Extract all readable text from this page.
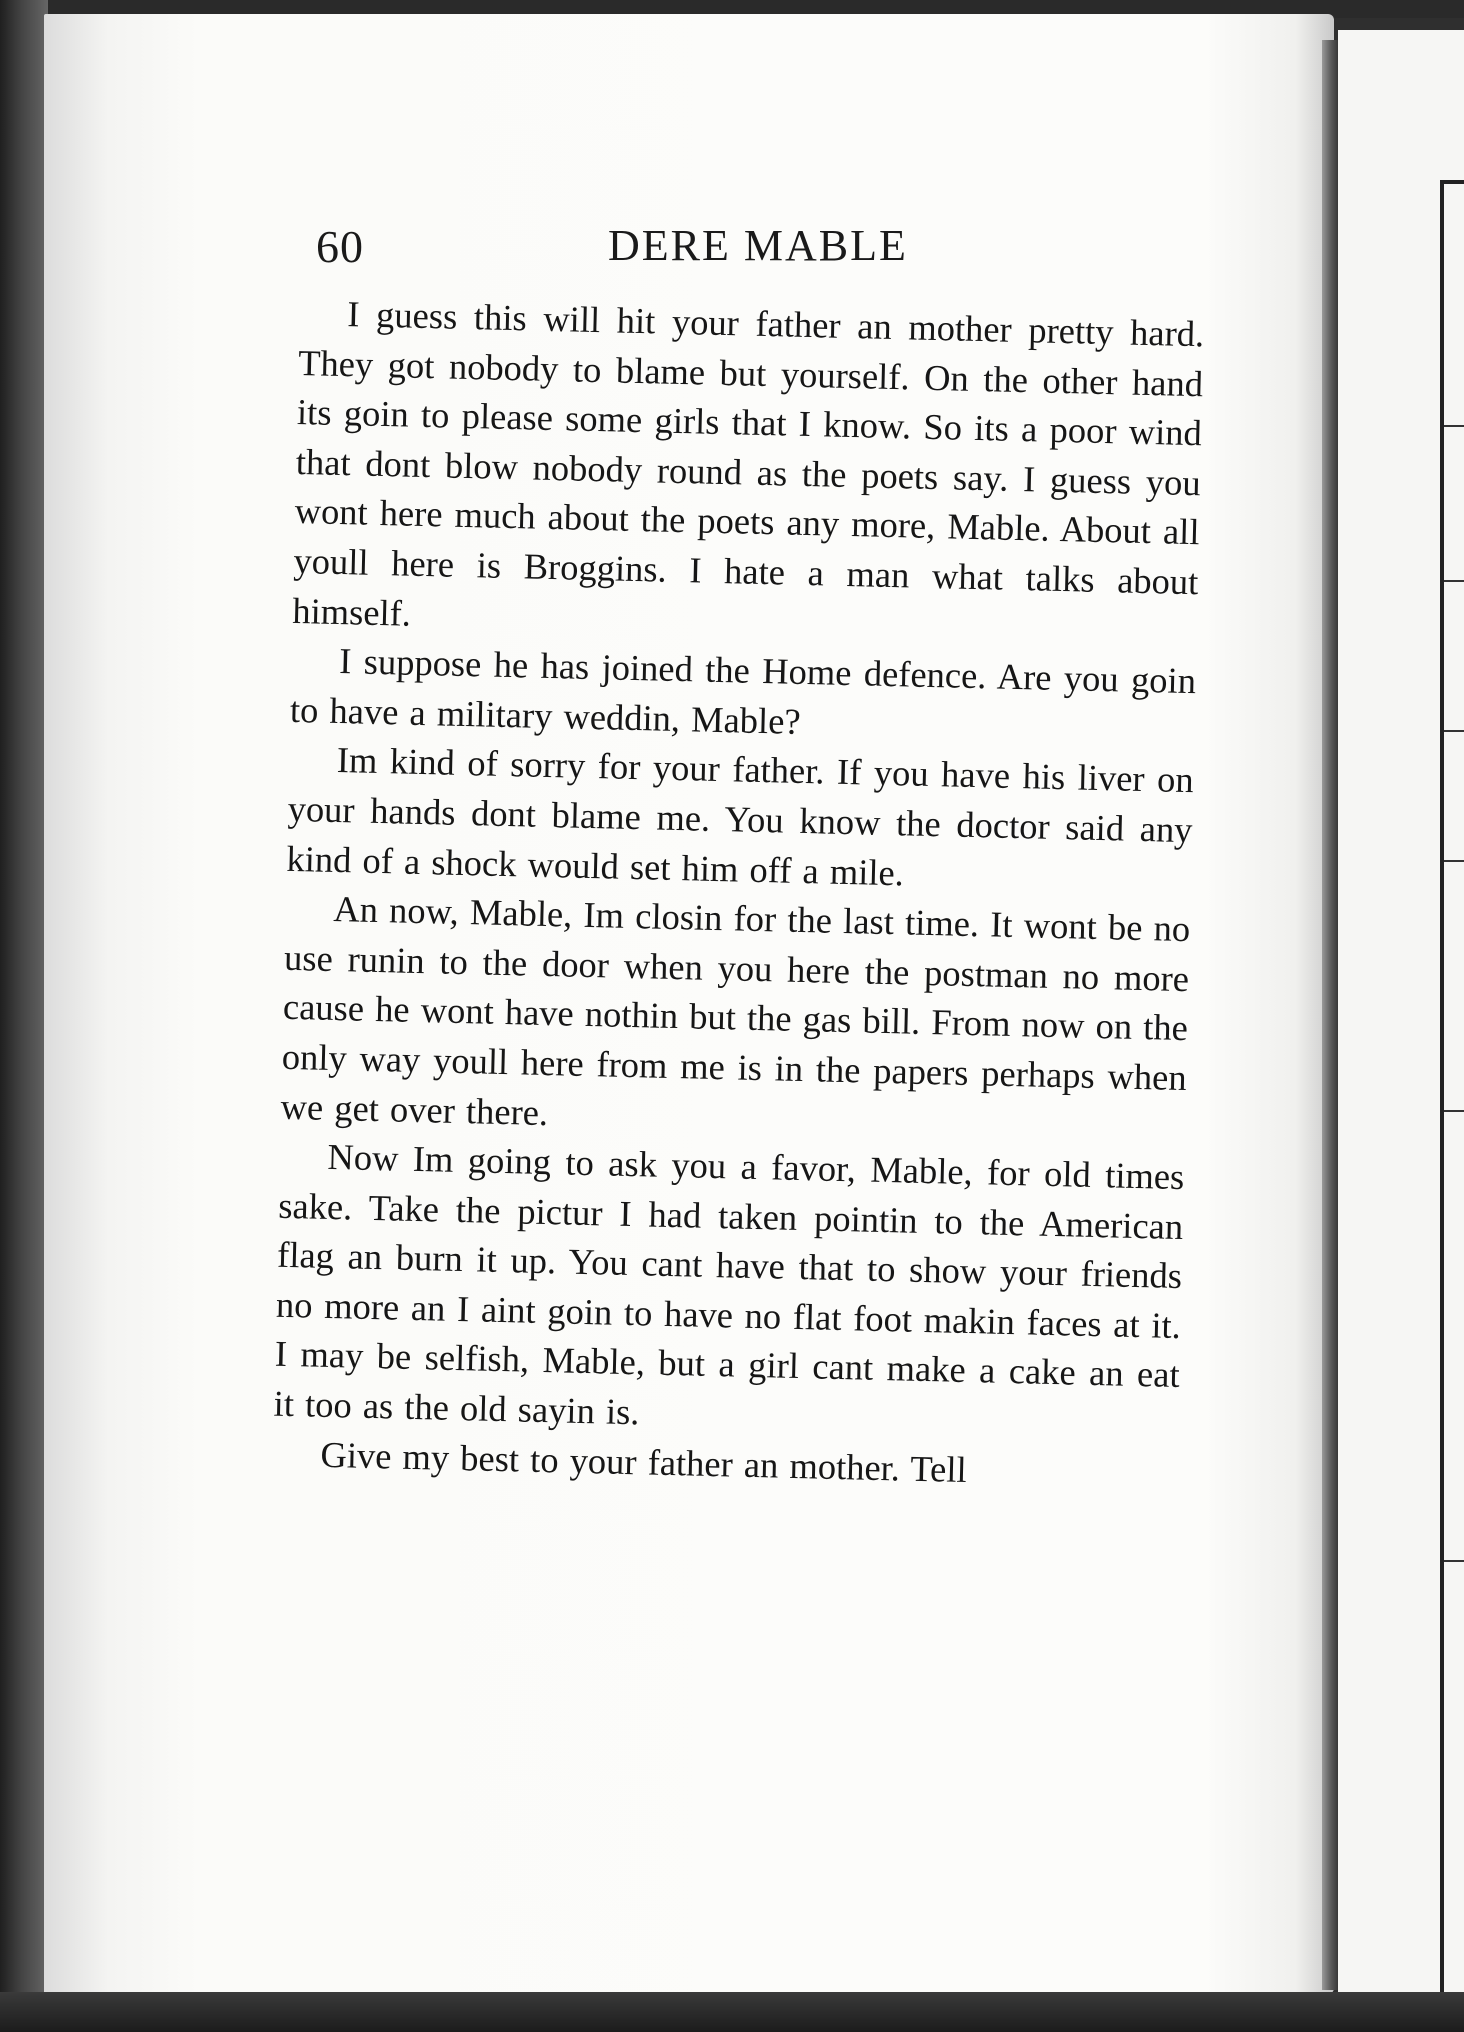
60	DERE MABLE

I guess this will hit your father an mother pretty hard. They got nobody to blame but yourself. On the other hand its goin to please some girls that I know. So its a poor wind that dont blow nobody round as the poets say. I guess you wont here much about the poets any more, Mable. About all youll here is Broggins. I hate a man what talks about himself.

I suppose he has joined the Home defence. Are you goin to have a military weddin, Mable?

Im kind of sorry for your father. If you have his liver on your hands dont blame me. You know the doctor said any kind of a shock would set him off a mile.

An now, Mable, Im closin for the last time. It wont be no use runin to the door when you here the postman no more cause he wont have nothin but the gas bill. From now on the only way youll here from me is in the papers perhaps when we get over there.

Now Im going to ask you a favor, Mable, for old times sake. Take the pictur I had taken pointin to the American flag an burn it up. You cant have that to show your friends no more an I aint goin to have no flat foot makin faces at it. I may be selfish, Mable, but a girl cant make a cake an eat it too as the old sayin is.

Give my best to your father an mother. Tell
